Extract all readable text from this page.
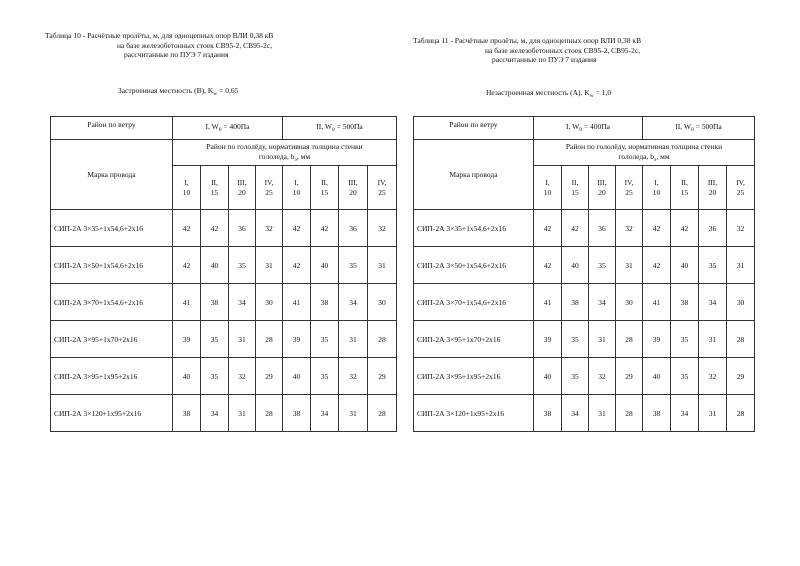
Таблица 10 - Расчётные пролёты, м, для одноцепных опор ВЛИ 0,38 кВ
на базе железобетонных стоек СВ95-2, СВ95-2с,
рассчитанные по ПУЭ 7 издания
Застроенная местность (B), $K_w = 0,65$
Район по ветру	I, $W_0 = 400Па$				II, $W_0 = 500Па$			
Марка провода	Район по гололёду, нормативная толщина стенки
гололеда, $b_э$, мм							

	I,
10	II,
15	III,
20	IV,
25	I,
10	II,
15	III,
20	IV,
25

СИП-2А 3×35+1х54,6+2х16	42	42	36	32	42	42	36	32
СИП-2А 3×50+1х54,6+2х16	42	40	35	31	42	40	35	31
СИП-2А 3×70+1х54,6+2х16	41	38	34	30	41	38	34	30
СИП-2А 3×95+1х70+2х16	39	35	31	28	39	35	31	28
СИП-2А 3×95+1х95+2х16	40	35	32	29	40	35	32	29
СИП-2А 3×120+1х95+2х16	38	34	31	28	38	34	31	28
Таблица 11 - Расчётные пролёты, м, для одноцепных опор ВЛИ 0,38 кВ
на базе железобетонных стоек СВ95-2, СВ95-2с,
рассчитанные по ПУЭ 7 издания
Незастроенная местность (А), $K_w = 1,0$
Район по ветру	I, $W_0 = 400Па$				II, $W_0 = 500Па$			
Марка провода	Район по гололёду, нормативная толщина стенки
гололеда, $b_э$, мм							

	I,
10	II,
15	III,
20	IV,
25	I,
10	II,
15	III,
20	IV,
25

СИП-2А 3×35+1х54,6+2х16	42	42	36	32	42	42	36	32
СИП-2А 3×50+1х54,6+2х16	42	40	35	31	42	40	35	31
СИП-2А 3×70+1х54,6+2х16	41	38	34	30	41	38	34	30
СИП-2А 3×95+1х70+2х16	39	35	31	28	39	35	31	28
СИП-2А 3×95+1х95+2х16	40	35	32	29	40	35	32	29
СИП-2А 3×120+1х95+2х16	38	34	31	28	38	34	31	28
